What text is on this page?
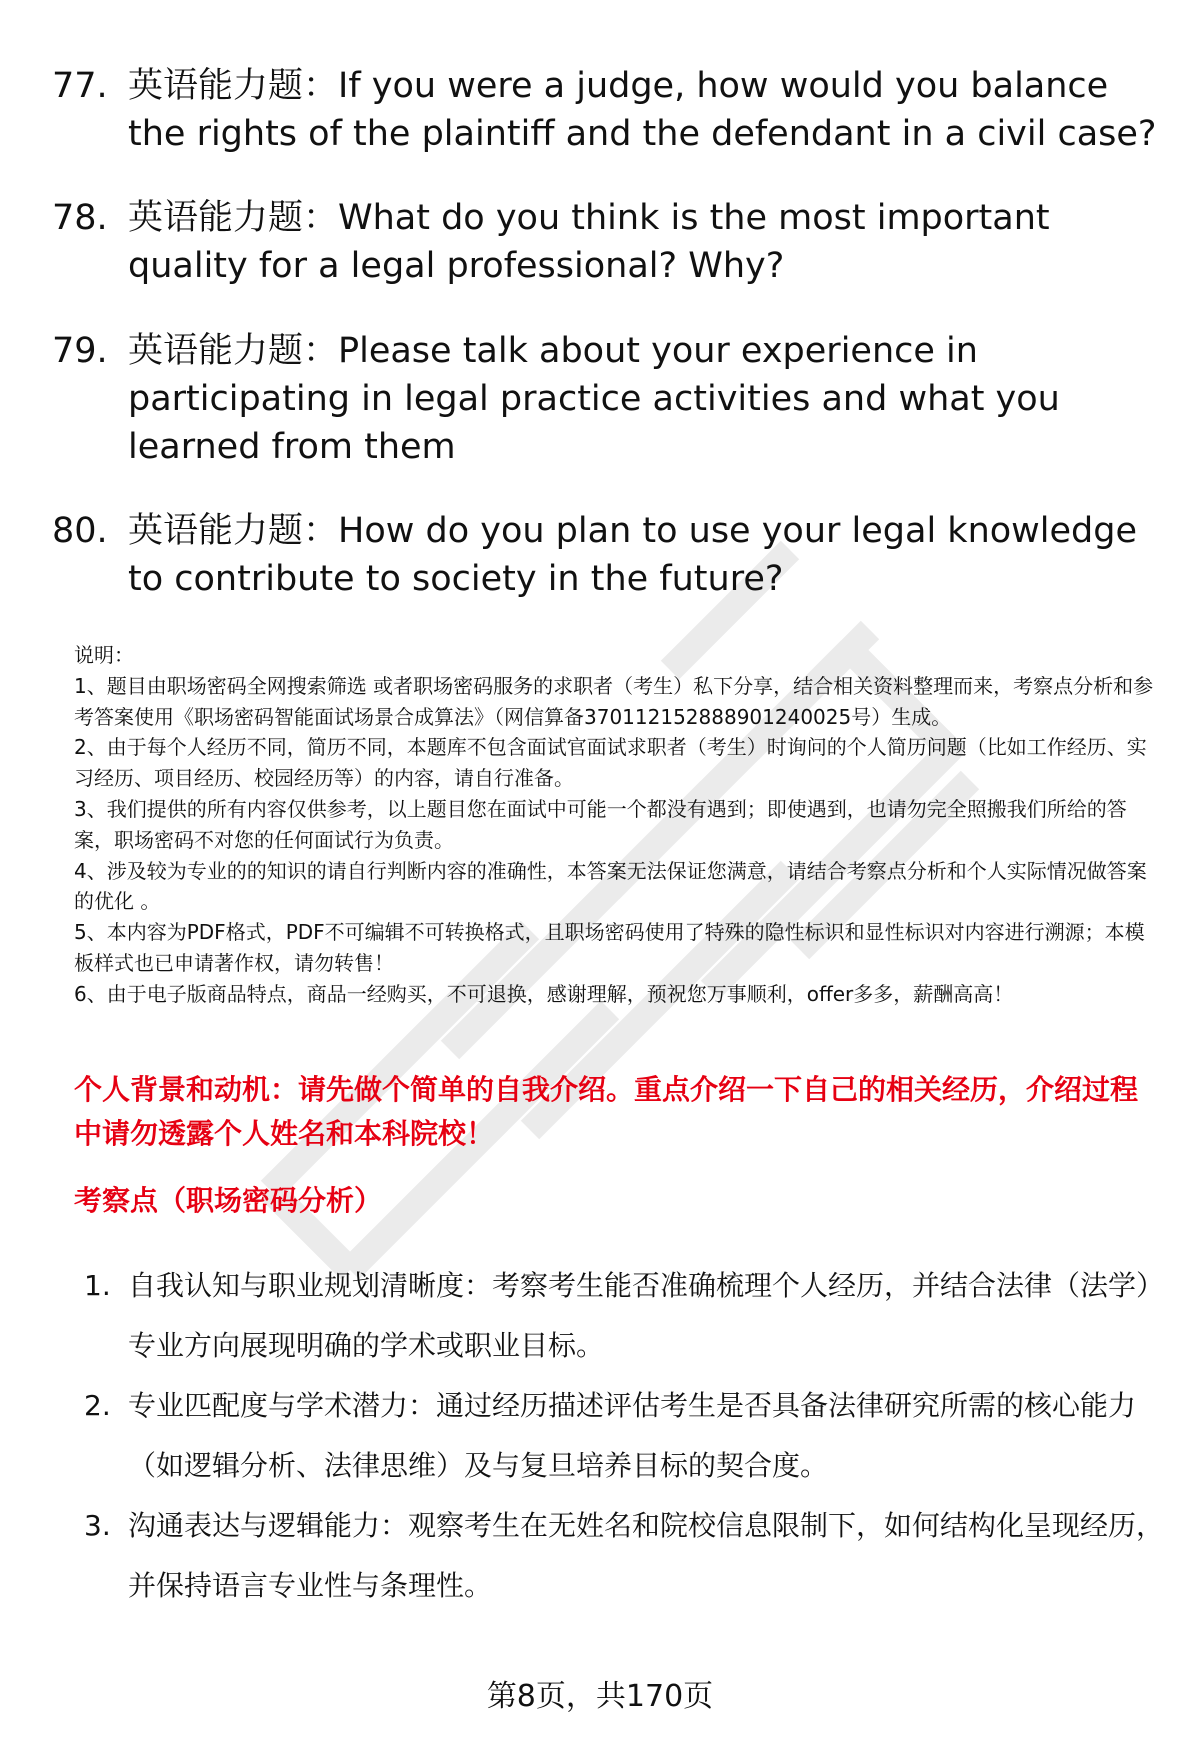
77. 英语能力题：If you were a judge, how would you balance the rights of the plaintiff and the defendant in a civil case?
78. 英语能力题：What do you think is the most important quality for a legal professional? Why?
79. 英语能力题：Please talk about your experience in participating in legal practice activities and what you learned from them
80. 英语能力题：How do you plan to use your legal knowledge to contribute to society in the future?

说明：

1、题目由职场密码全网搜索筛选 或者职场密码服务的求职者（考生）私下分享，结合相关资料整理而来，考察点分析和参考答案使用《职场密码智能面试场景合成算法》（网信算备370112152888901240025号）生成。

2、由于每个人经历不同，简历不同，本题库不包含面试官面试求职者（考生）时询问的个人简历问题（比如工作经历、实习经历、项目经历、校园经历等）的内容，请自行准备。

3、我们提供的所有内容仅供参考，以上题目您在面试中可能一个都没有遇到；即使遇到，也请勿完全照搬我们所给的答案，职场密码不对您的任何面试行为负责。

4、涉及较为专业的的知识的请自行判断内容的准确性，本答案无法保证您满意，请结合考察点分析和个人实际情况做答案的优化 。

5、本内容为PDF格式，PDF不可编辑不可转换格式，且职场密码使用了特殊的隐性标识和显性标识对内容进行溯源；本模板样式也已申请著作权，请勿转售！

6、由于电子版商品特点，商品一经购买，不可退换，感谢理解，预祝您万事顺利，offer多多，薪酬高高！

个人背景和动机：请先做个简单的自我介绍。重点介绍一下自己的相关经历，介绍过程中请勿透露个人姓名和本科院校！
考察点（职场密码分析）
1. 自我认知与职业规划清晰度：考察考生能否准确梳理个人经历，并结合法律（法学）专业方向展现明确的学术或职业目标。
2. 专业匹配度与学术潜力：通过经历描述评估考生是否具备法律研究所需的核心能力（如逻辑分析、法律思维）及与复旦培养目标的契合度。
3. 沟通表达与逻辑能力：观察考生在无姓名和院校信息限制下，如何结构化呈现经历，并保持语言专业性与条理性。
第8页，共170页
